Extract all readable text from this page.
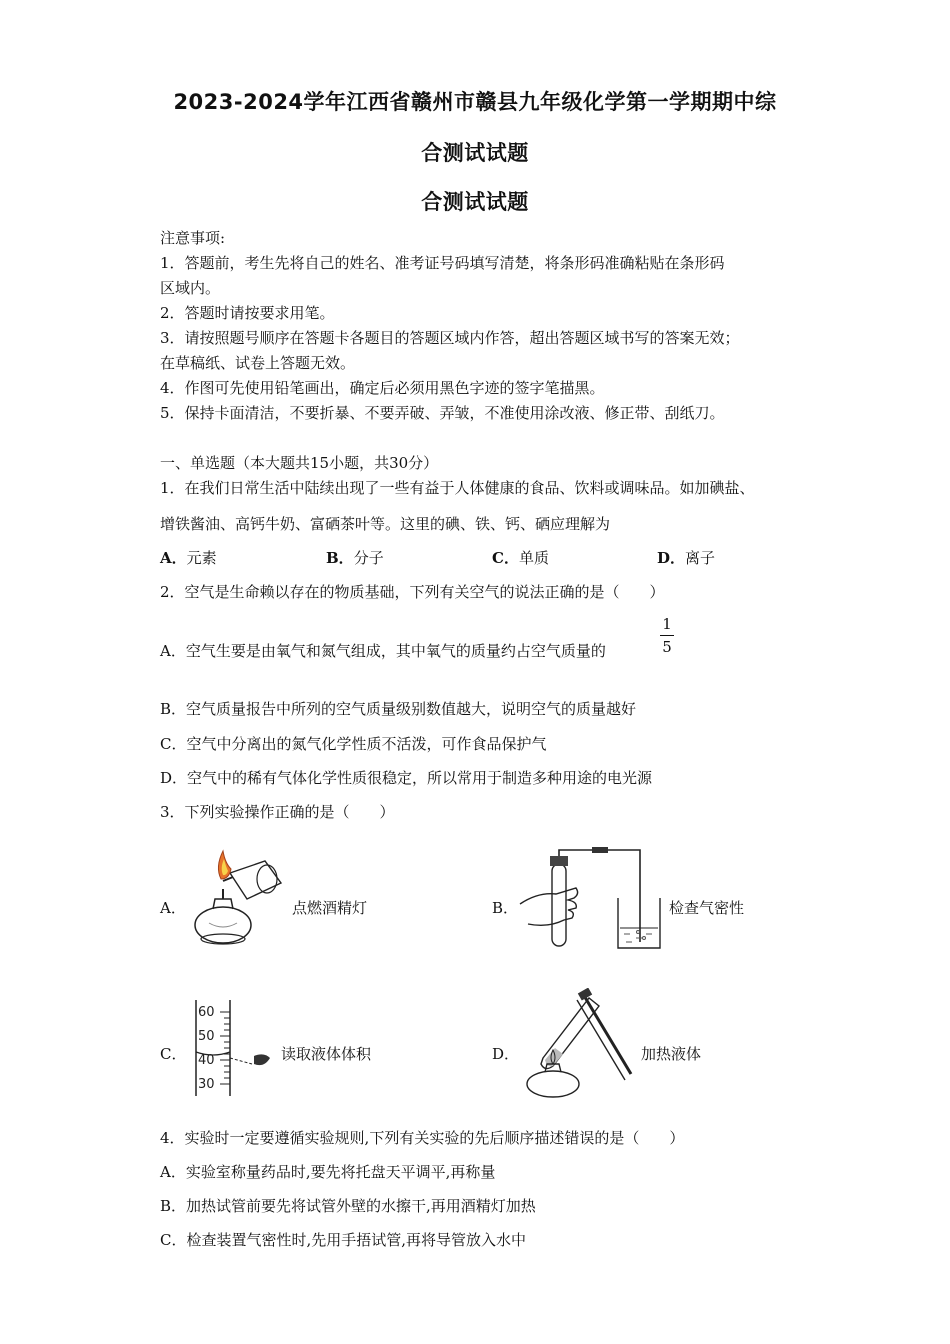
2023-2024学年江西省赣州市赣县九年级化学第一学期期中综
合测试试题
合测试试题
注意事项:
1．答题前，考生先将自己的姓名、准考证号码填写清楚，将条形码准确粘贴在条形码
区域内。
2．答题时请按要求用笔。
3．请按照题号顺序在答题卡各题目的答题区域内作答，超出答题区域书写的答案无效；
在草稿纸、试卷上答题无效。
4．作图可先使用铅笔画出，确定后必须用黑色字迹的签字笔描黑。
5．保持卡面清洁，不要折暴、不要弄破、弄皱，不准使用涂改液、修正带、刮纸刀。
一、单选题（本大题共15小题，共30分）
1．在我们日常生活中陆续出现了一些有益于人体健康的食品、饮料或调味品。如加碘盐、
增铁酱油、高钙牛奶、富硒茶叶等。这里的碘、铁、钙、硒应理解为
A．元素	B．分子	C．单质	D．离子
2．空气是生命赖以存在的物质基础，下列有关空气的说法正确的是（　　）
A．空气生要是由氧气和氮气组成，其中氧气的质量约占空气质量的
1
5
B．空气质量报告中所列的空气质量级别数值越大，说明空气的质量越好
C．空气中分离出的氮气化学性质不活泼，可作食品保护气
D．空气中的稀有气体化学性质很稳定，所以常用于制造多种用途的电光源
3．下列实验操作正确的是（　　）
A．	点燃酒精灯	B．	检查气密性
C．
60
50
40
30
读取液体体积	D．	加热液体
4．实验时一定要遵循实验规则,下列有关实验的先后顺序描述错误的是（　　）
A．实验室称量药品时,要先将托盘天平调平,再称量
B．加热试管前要先将试管外壁的水擦干,再用酒精灯加热
C．检查装置气密性时,先用手捂试管,再将导管放入水中
